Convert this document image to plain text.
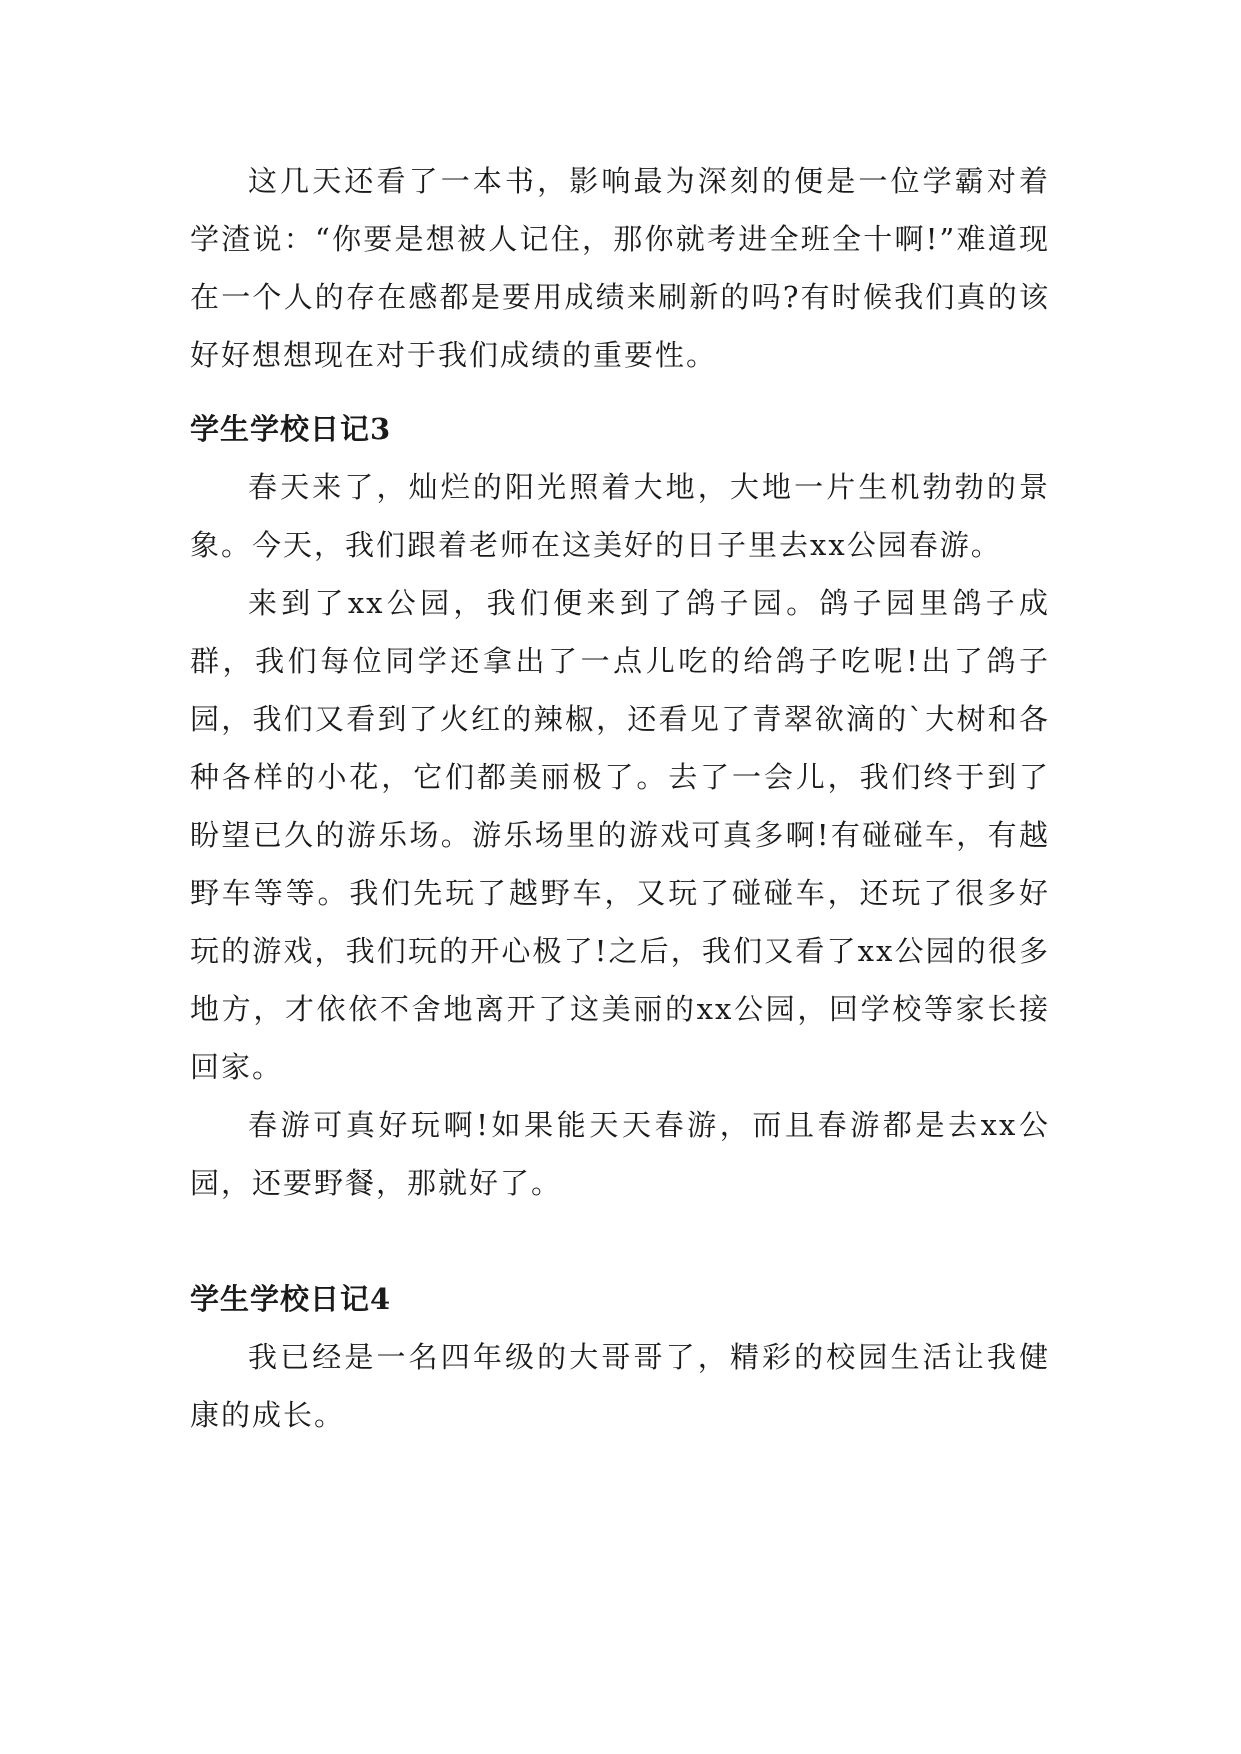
这几天还看了一本书，影响最为深刻的便是一位学霸对着学渣说：“你要是想被人记住，那你就考进全班全十啊!”难道现在一个人的存在感都是要用成绩来刷新的吗?有时候我们真的该好好想想现在对于我们成绩的重要性。

学生学校日记3

春天来了，灿烂的阳光照着大地，大地一片生机勃勃的景象。今天，我们跟着老师在这美好的日子里去xx公园春游。

来到了xx公园，我们便来到了鸽子园。鸽子园里鸽子成群，我们每位同学还拿出了一点儿吃的给鸽子吃呢!出了鸽子园，我们又看到了火红的辣椒，还看见了青翠欲滴的`大树和各种各样的小花，它们都美丽极了。去了一会儿，我们终于到了盼望已久的游乐场。游乐场里的游戏可真多啊!有碰碰车，有越野车等等。我们先玩了越野车，又玩了碰碰车，还玩了很多好玩的游戏，我们玩的开心极了!之后，我们又看了xx公园的很多地方，才依依不舍地离开了这美丽的xx公园，回学校等家长接回家。

春游可真好玩啊!如果能天天春游，而且春游都是去xx公园，还要野餐，那就好了。

学生学校日记4

我已经是一名四年级的大哥哥了，精彩的校园生活让我健康的成长。
